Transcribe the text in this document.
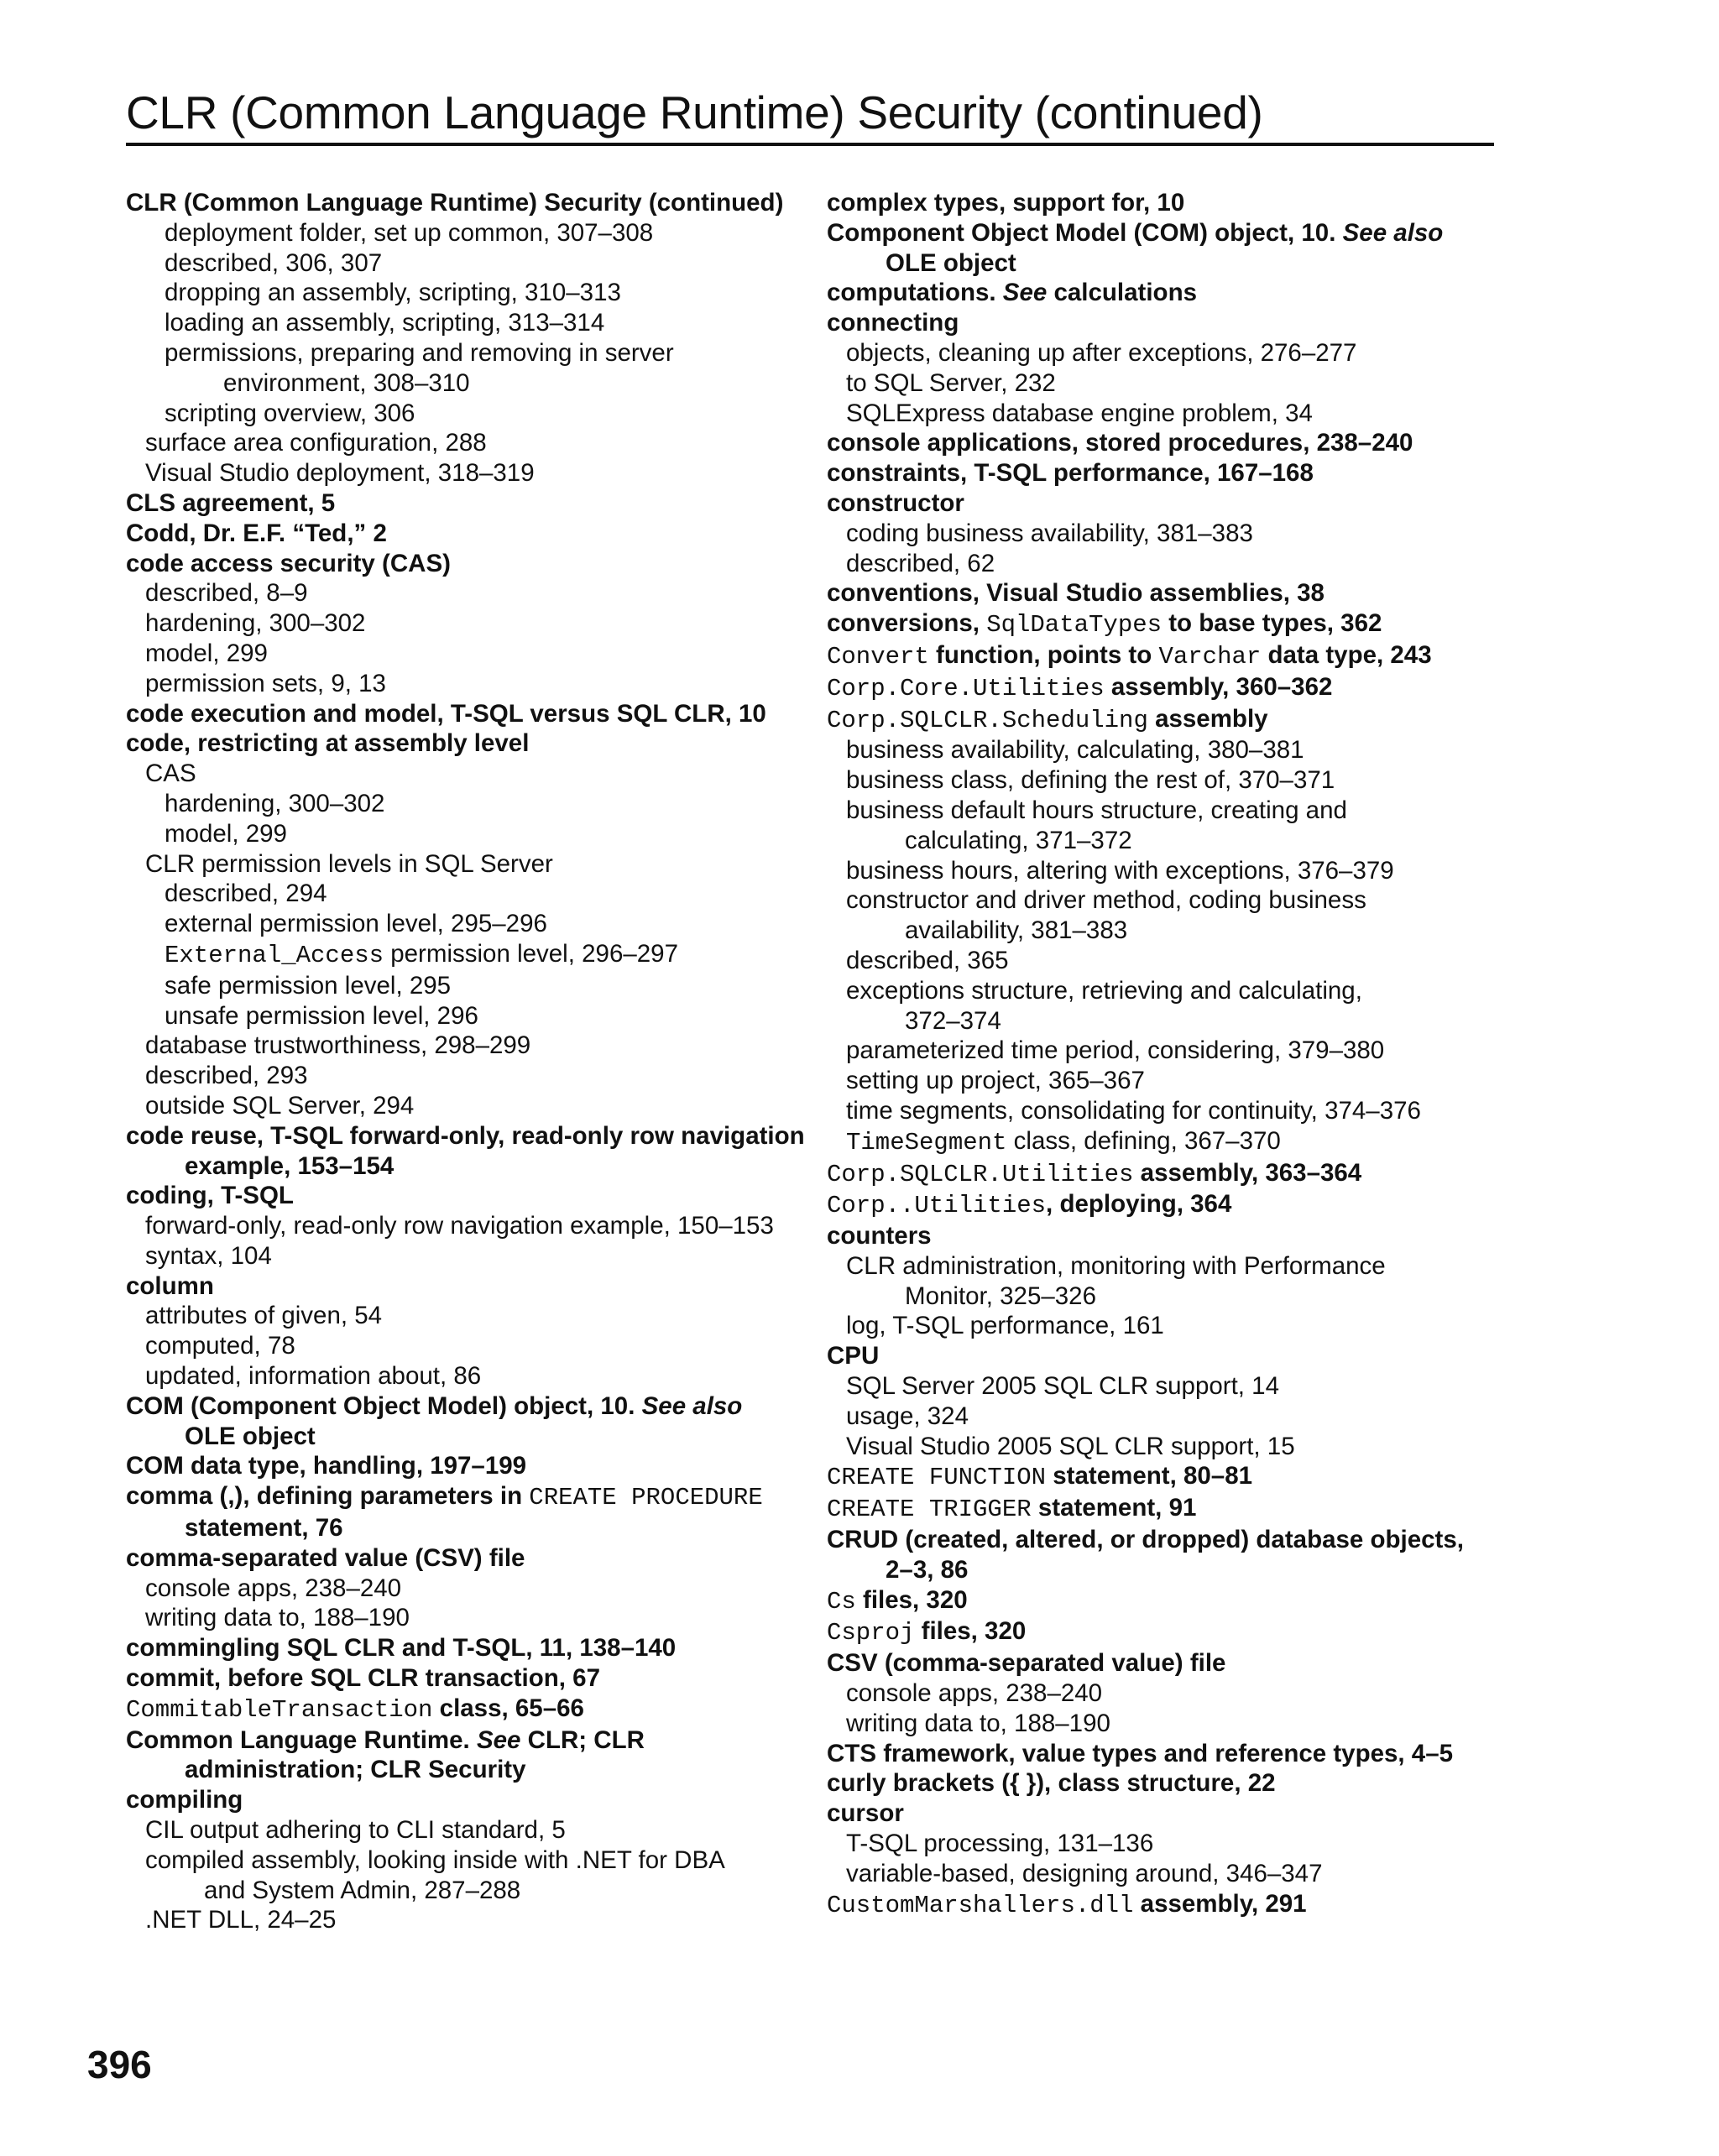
CLR (Common Language Runtime) Security (continued)
CLR (Common Language Runtime) Security (continued)
deployment folder, set up common, 307–308
described, 306, 307
dropping an assembly, scripting, 310–313
loading an assembly, scripting, 313–314
permissions, preparing and removing in server
environment, 308–310
scripting overview, 306
surface area configuration, 288
Visual Studio deployment, 318–319
CLS agreement, 5
Codd, Dr. E.F. “Ted,” 2
code access security (CAS)
described, 8–9
hardening, 300–302
model, 299
permission sets, 9, 13
code execution and model, T-SQL versus SQL CLR, 10
code, restricting at assembly level
CAS
hardening, 300–302
model, 299
CLR permission levels in SQL Server
described, 294
external permission level, 295–296
External_Access permission level, 296–297
safe permission level, 295
unsafe permission level, 296
database trustworthiness, 298–299
described, 293
outside SQL Server, 294
code reuse, T-SQL forward-only, read-only row navigation
example, 153–154
coding, T-SQL
forward-only, read-only row navigation example, 150–153
syntax, 104
column
attributes of given, 54
computed, 78
updated, information about, 86
COM (Component Object Model) object, 10. See also
OLE object
COM data type, handling, 197–199
comma (,), defining parameters in CREATE PROCEDURE
statement, 76
comma-separated value (CSV) file
console apps, 238–240
writing data to, 188–190
commingling SQL CLR and T-SQL, 11, 138–140
commit, before SQL CLR transaction, 67
CommitableTransaction class, 65–66
Common Language Runtime. See CLR; CLR
administration; CLR Security
compiling
CIL output adhering to CLI standard, 5
compiled assembly, looking inside with .NET for DBA
and System Admin, 287–288
.NET DLL, 24–25
complex types, support for, 10
Component Object Model (COM) object, 10. See also
OLE object
computations. See calculations
connecting
objects, cleaning up after exceptions, 276–277
to SQL Server, 232
SQLExpress database engine problem, 34
console applications, stored procedures, 238–240
constraints, T-SQL performance, 167–168
constructor
coding business availability, 381–383
described, 62
conventions, Visual Studio assemblies, 38
conversions, SqlDataTypes to base types, 362
Convert function, points to Varchar data type, 243
Corp.Core.Utilities assembly, 360–362
Corp.SQLCLR.Scheduling assembly
business availability, calculating, 380–381
business class, defining the rest of, 370–371
business default hours structure, creating and
calculating, 371–372
business hours, altering with exceptions, 376–379
constructor and driver method, coding business
availability, 381–383
described, 365
exceptions structure, retrieving and calculating,
372–374
parameterized time period, considering, 379–380
setting up project, 365–367
time segments, consolidating for continuity, 374–376
TimeSegment class, defining, 367–370
Corp.SQLCLR.Utilities assembly, 363–364
Corp..Utilities, deploying, 364
counters
CLR administration, monitoring with Performance
Monitor, 325–326
log, T-SQL performance, 161
CPU
SQL Server 2005 SQL CLR support, 14
usage, 324
Visual Studio 2005 SQL CLR support, 15
CREATE FUNCTION statement, 80–81
CREATE TRIGGER statement, 91
CRUD (created, altered, or dropped) database objects,
2–3, 86
Cs files, 320
Csproj files, 320
CSV (comma-separated value) file
console apps, 238–240
writing data to, 188–190
CTS framework, value types and reference types, 4–5
curly brackets ({ }), class structure, 22
cursor
T-SQL processing, 131–136
variable-based, designing around, 346–347
CustomMarshallers.dll assembly, 291
396
